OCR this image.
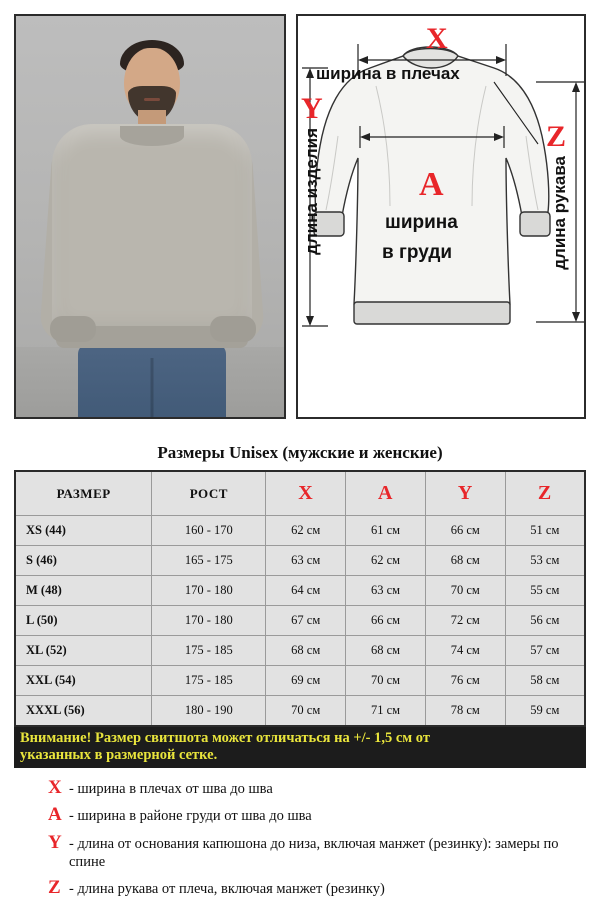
X
ширина в плечах
Y
длина изделия	Z
длина рукава
A
ширина
в груди
Размеры Unisex (мужские и женские)
РАЗМЕР	РОСТ	X	A	Y	Z
XS (44)	160 - 170	62 см	61 см	66 см	51 см
S (46)	165 - 175	63 см	62 см	68 см	53 см
M (48)	170 - 180	64 см	63 см	70 см	55 см
L (50)	170 - 180	67 см	66 см	72 см	56 см
XL (52)	175 - 185	68 см	68 см	74 см	57 см
XXL (54)	175 - 185	69 см	70 см	76 см	58 см
XXXL (56)	180 - 190	70 см	71 см	78 см	59 см
Внимание! Размер свитшота может отличаться на +/- 1,5 см от
указанных в размерной сетке.
X - ширина в плечах от шва до шва
A - ширина в районе груди от шва до шва
Y - длина от основания капюшона до низа, включая манжет (резинку): замеры по спине
Z - длина рукава от плеча, включая манжет (резинку)
